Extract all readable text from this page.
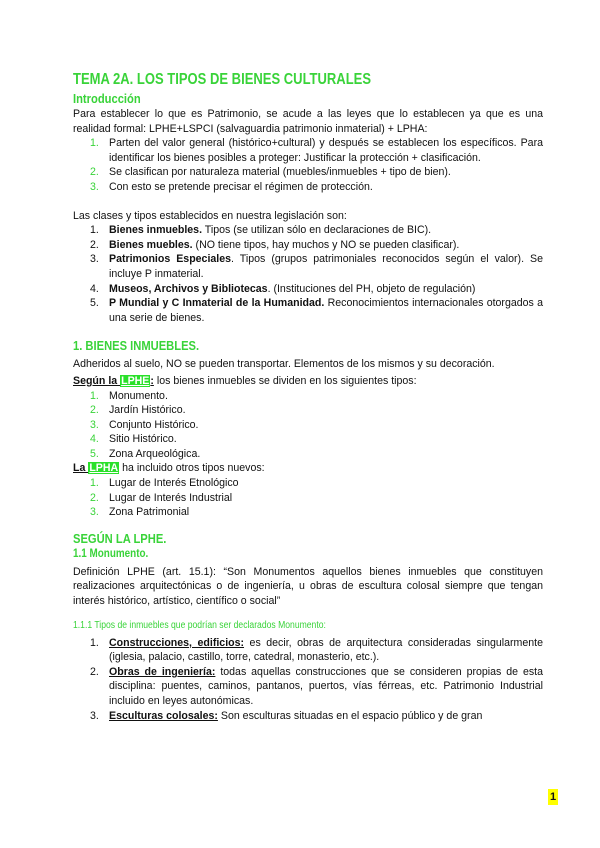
TEMA 2A. LOS TIPOS DE BIENES CULTURALES
Introducción

Para establecer lo que es Patrimonio, se acude a las leyes que lo establecen ya que es una realidad formal: LPHE+LSPCI (salvaguardia patrimonio inmaterial) + LPHA:

1. Parten del valor general (histórico+cultural) y después se establecen los específicos. Para identificar los bienes posibles a proteger: Justificar la protección + clasificación.
2. Se clasifican por naturaleza material (muebles/inmuebles + tipo de bien).
3. Con esto se pretende precisar el régimen de protección.

Las clases y tipos establecidos en nuestra legislación son:

1. Bienes inmuebles. Tipos (se utilizan sólo en declaraciones de BIC).
2. Bienes muebles. (NO tiene tipos, hay muchos y NO se pueden clasificar).
3. Patrimonios Especiales. Tipos (grupos patrimoniales reconocidos según el valor). Se incluye P inmaterial.
4. Museos, Archivos y Bibliotecas. (Instituciones del PH, objeto de regulación)
5. P Mundial y C Inmaterial de la Humanidad. Reconocimientos internacionales otorgados a una serie de bienes.
1. BIENES INMUEBLES.

Adheridos al suelo, NO se pueden transportar. Elementos de los mismos y su decoración.

Según la LPHE: los bienes inmuebles se dividen en los siguientes tipos:

1. Monumento.
2. Jardín Histórico.
3. Conjunto Histórico.
4. Sitio Histórico.
5. Zona Arqueológica.

La LPHA ha incluido otros tipos nuevos:

1. Lugar de Interés Etnológico
2. Lugar de Interés Industrial
3. Zona Patrimonial
SEGÚN LA LPHE.
1.1 Monumento.

Definición LPHE (art. 15.1): “Son Monumentos aquellos bienes inmuebles que constituyen realizaciones arquitectónicas o de ingeniería, u obras de escultura colosal siempre que tengan interés histórico, artístico, científico o social”

1.1.1 Tipos de inmuebles que podrían ser declarados Monumento:
1. Construcciones, edificios: es decir, obras de arquitectura consideradas singularmente (iglesia, palacio, castillo, torre, catedral, monasterio, etc.).
2. Obras de ingeniería: todas aquellas construcciones que se consideren propias de esta disciplina: puentes, caminos, pantanos, puertos, vías férreas, etc. Patrimonio Industrial incluido en leyes autonómicas.
3. Esculturas colosales: Son esculturas situadas en el espacio público y de gran
1
